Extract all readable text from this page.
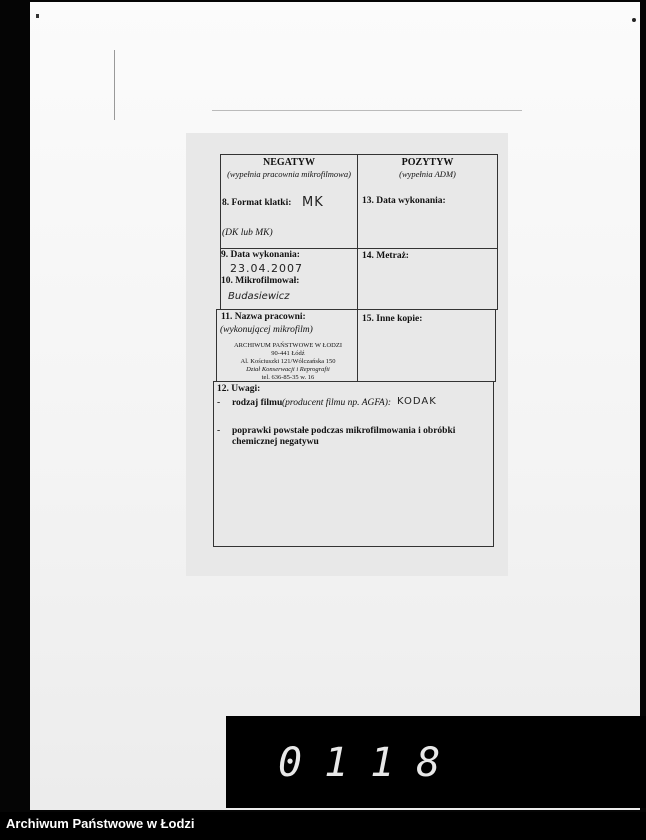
NEGATYW
(wypełnia pracownia mikrofilmowa)
POZYTYW
(wypełnia ADM)
8. Format klatki: MK
(DK lub MK)
13. Data wykonania:
9. Data wykonania:
23.04.2007
10. Mikrofilmował:
Budasiewicz
14. Metraż:
11. Nazwa pracowni:
(wykonującej mikrofilm)
ARCHIWUM PAŃSTWOWE W ŁODZI
90-441 Łódź
Al. Kościuszki 121/Wólczańska 150
Dział Konserwacji i Reprografii
tel. 636-85-35 w. 16
15. Inne kopie:
12. Uwagi:
- rodzaj filmu (producent filmu np. AGFA): KODAK
- poprawki powstałe podczas mikrofilmowania i obróbki
chemicznej negatywu
0118
Archiwum Państwowe w Łodzi
